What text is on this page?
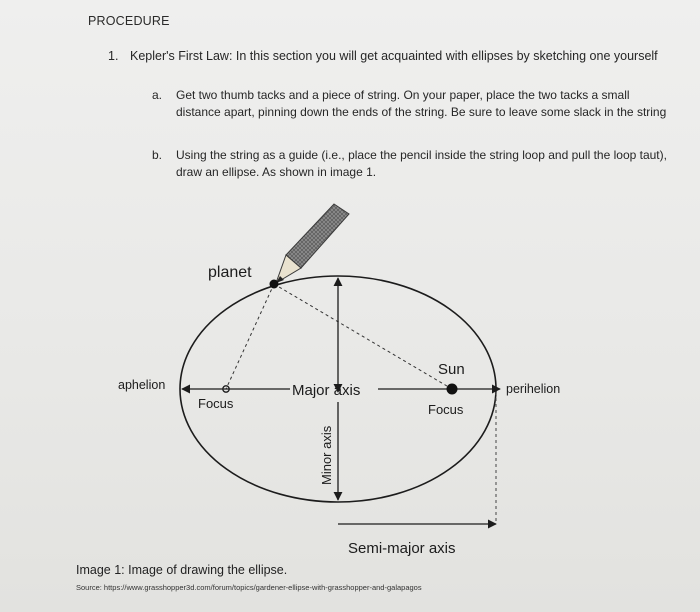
PROCEDURE
1. Kepler's First Law: In this section you will get acquainted with ellipses by sketching one yourself
a. Get two thumb tacks and a piece of string. On your paper, place the two tacks a small distance apart, pinning down the ends of the string. Be sure to leave some slack in the string
b. Using the string as a guide (i.e., place the pencil inside the string loop and pull the loop taut), draw an ellipse. As shown in image 1.
planet
Sun
aphelion	perihelion
Focus	Focus
Major axis
Minor axis
Semi-major axis
Image 1: Image of drawing the ellipse.
Source: https://www.grasshopper3d.com/forum/topics/gardener-ellipse-with-grasshopper-and-galapagos
